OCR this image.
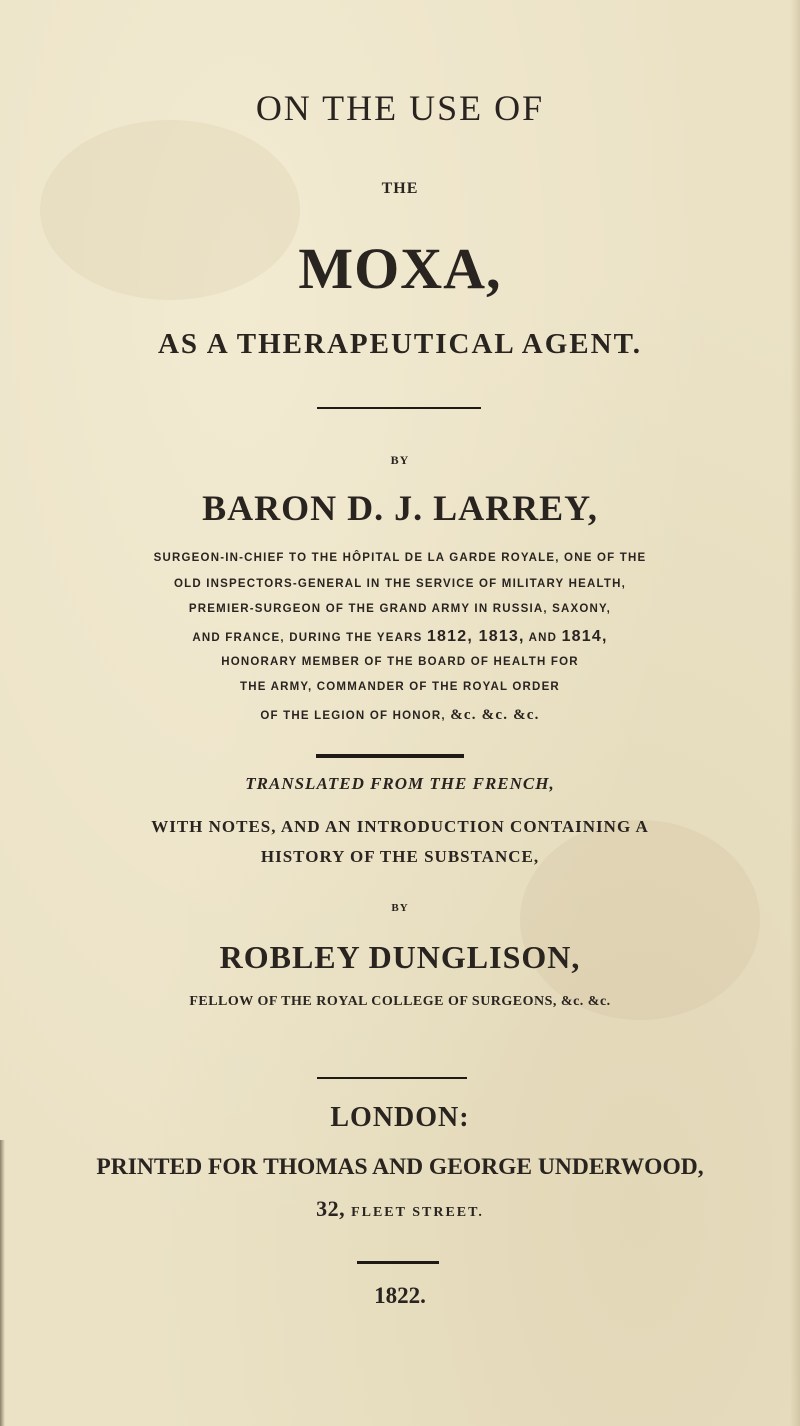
ON THE USE OF
THE
MOXA,
AS A THERAPEUTICAL AGENT.
BY
BARON D. J. LARREY,
SURGEON-IN-CHIEF TO THE HÔPITAL DE LA GARDE ROYALE, ONE OF THE
OLD INSPECTORS-GENERAL IN THE SERVICE OF MILITARY HEALTH,
PREMIER-SURGEON OF THE GRAND ARMY IN RUSSIA, SAXONY,
AND FRANCE, DURING THE YEARS 1812, 1813, AND 1814,
HONORARY MEMBER OF THE BOARD OF HEALTH FOR
THE ARMY, COMMANDER OF THE ROYAL ORDER
OF THE LEGION OF HONOR, &c. &c. &c.
TRANSLATED FROM THE FRENCH,
WITH NOTES, AND AN INTRODUCTION CONTAINING A
HISTORY OF THE SUBSTANCE,
BY
ROBLEY DUNGLISON,
FELLOW OF THE ROYAL COLLEGE OF SURGEONS, &c. &c.
LONDON:
PRINTED FOR THOMAS AND GEORGE UNDERWOOD,
32, FLEET STREET.
1822.
